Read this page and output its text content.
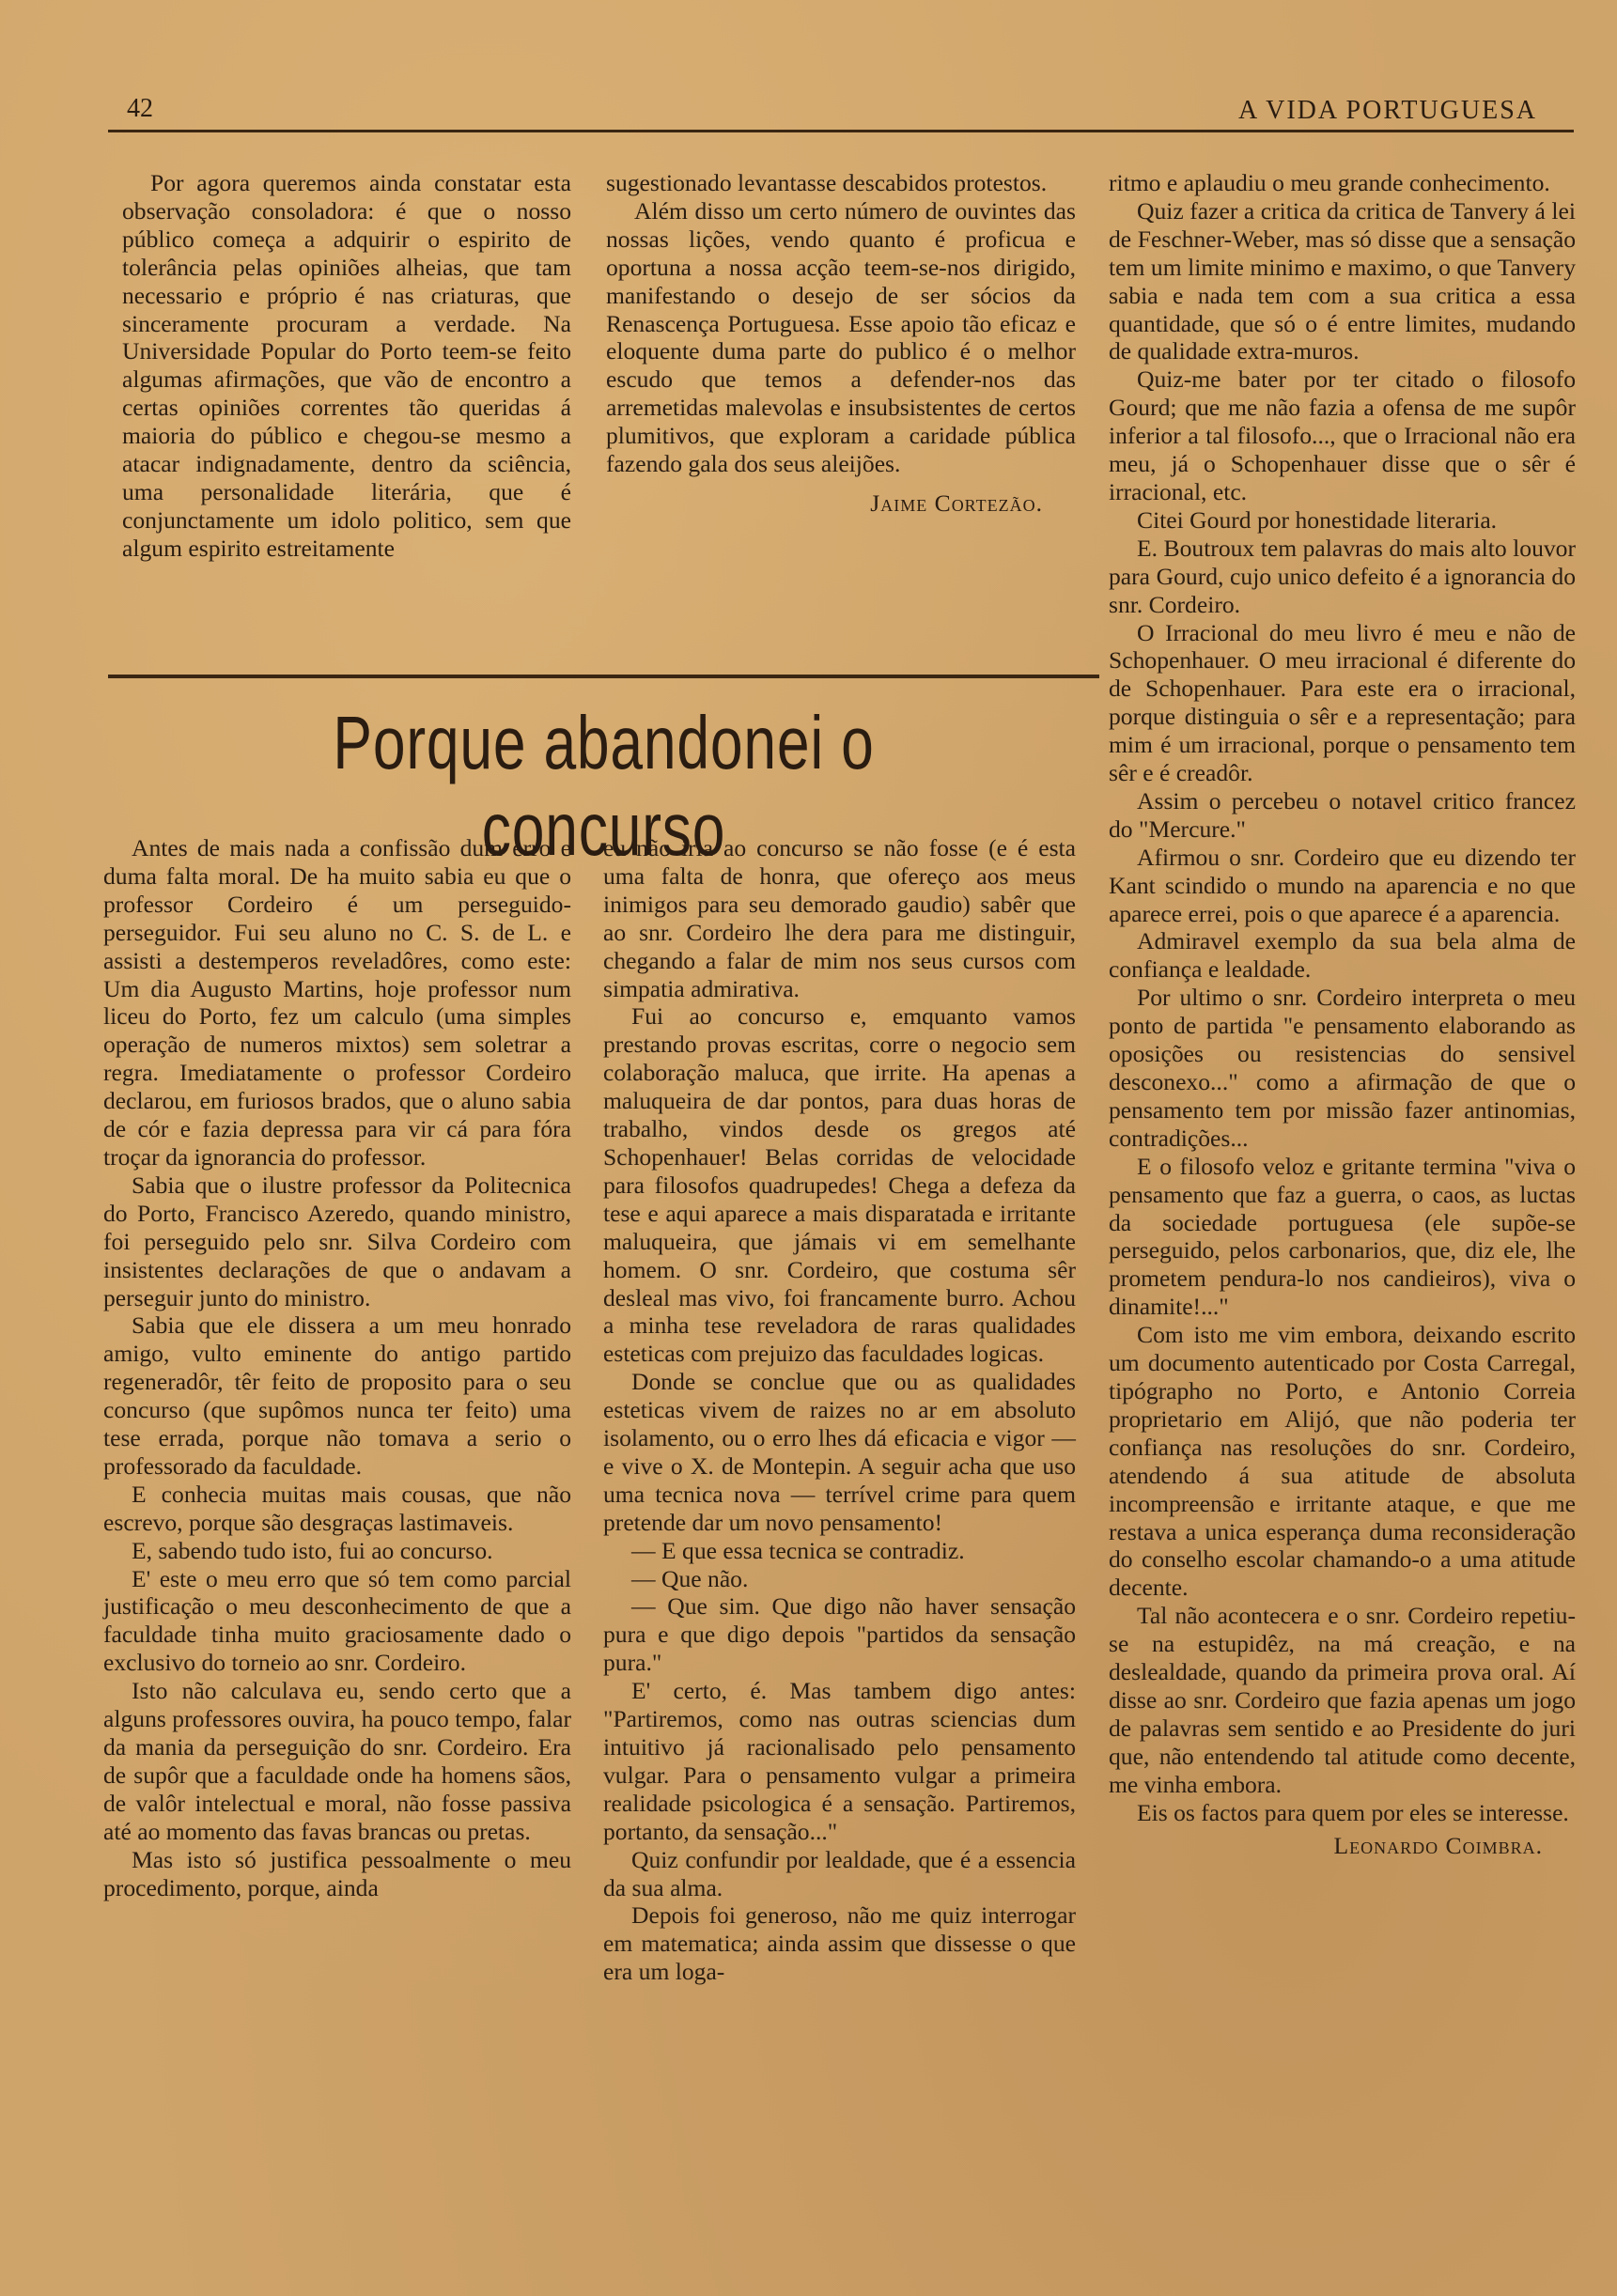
42	A VIDA PORTUGUESA

Por agora queremos ainda constatar esta observação consoladora: é que o nosso público começa a adquirir o espirito de tolerância pelas opiniões alheias, que tam necessario e próprio é nas criaturas, que sinceramente procuram a verdade. Na Universidade Popular do Porto teem-se feito algumas afirmações, que vão de encontro a certas opiniões correntes tão queridas á maioria do público e chegou-se mesmo a atacar indignadamente, dentro da sciência, uma personalidade literária, que é conjunctamente um idolo politico, sem que algum espirito estreitamente

sugestionado levantasse descabidos protestos.

Além disso um certo número de ouvintes das nossas lições, vendo quanto é proficua e oportuna a nossa acção teem-se-nos dirigido, manifestando o desejo de ser sócios da Renascença Portuguesa. Esse apoio tão eficaz e eloquente duma parte do publico é o melhor escudo que temos a defender-nos das arremetidas malevolas e insubsistentes de certos plumitivos, que exploram a caridade pública fazendo gala dos seus aleijões.

Jaime Cortezão.
Porque abandonei o concurso

Antes de mais nada a confissão dum erro e duma falta moral. De ha muito sabia eu que o professor Cordeiro é um perseguido-perseguidor. Fui seu aluno no C. S. de L. e assisti a destemperos reveladôres, como este: Um dia Augusto Martins, hoje professor num liceu do Porto, fez um calculo (uma simples operação de numeros mixtos) sem soletrar a regra. Imediatamente o professor Cordeiro declarou, em furiosos brados, que o aluno sabia de cór e fazia depressa para vir cá para fóra troçar da ignorancia do professor.

Sabia que o ilustre professor da Politecnica do Porto, Francisco Azeredo, quando ministro, foi perseguido pelo snr. Silva Cordeiro com insistentes declarações de que o andavam a perseguir junto do ministro.

Sabia que ele dissera a um meu honrado amigo, vulto eminente do antigo partido regeneradôr, têr feito de proposito para o seu concurso (que supômos nunca ter feito) uma tese errada, porque não tomava a serio o professorado da faculdade.

E conhecia muitas mais cousas, que não escrevo, porque são desgraças lastimaveis.

E, sabendo tudo isto, fui ao concurso.

E' este o meu erro que só tem como parcial justificação o meu desconhecimento de que a faculdade tinha muito graciosamente dado o exclusivo do torneio ao snr. Cordeiro.

Isto não calculava eu, sendo certo que a alguns professores ouvira, ha pouco tempo, falar da mania da perseguição do snr. Cordeiro. Era de supôr que a faculdade onde ha homens sãos, de valôr intelectual e moral, não fosse passiva até ao momento das favas brancas ou pretas.

Mas isto só justifica pessoalmente o meu procedimento, porque, ainda

eu não iria ao concurso se não fosse (e é esta uma falta de honra, que ofereço aos meus inimigos para seu demorado gaudio) sabêr que ao snr. Cordeiro lhe dera para me distinguir, chegando a falar de mim nos seus cursos com simpatia admirativa.

Fui ao concurso e, emquanto vamos prestando provas escritas, corre o negocio sem colaboração maluca, que irrite. Ha apenas a maluqueira de dar pontos, para duas horas de trabalho, vindos desde os gregos até Schopenhauer! Belas corridas de velocidade para filosofos quadrupedes! Chega a defeza da tese e aqui aparece a mais disparatada e irritante maluqueira, que jámais vi em semelhante homem. O snr. Cordeiro, que costuma sêr desleal mas vivo, foi francamente burro. Achou a minha tese reveladora de raras qualidades esteticas com prejuizo das faculdades logicas.

Donde se conclue que ou as qualidades esteticas vivem de raizes no ar em absoluto isolamento, ou o erro lhes dá eficacia e vigor — e vive o X. de Montepin. A seguir acha que uso uma tecnica nova — terrível crime para quem pretende dar um novo pensamento!

— E que essa tecnica se contradiz.

— Que não.

— Que sim. Que digo não haver sensação pura e que digo depois "partidos da sensação pura."

E' certo, é. Mas tambem digo antes: "Partiremos, como nas outras sciencias dum intuitivo já racionalisado pelo pensamento vulgar. Para o pensamento vulgar a primeira realidade psicologica é a sensação. Partiremos, portanto, da sensação..."

Quiz confundir por lealdade, que é a essencia da sua alma.

Depois foi generoso, não me quiz interrogar em matematica; ainda assim que dissesse o que era um loga-

ritmo e aplaudiu o meu grande conhecimento.

Quiz fazer a critica da critica de Tanvery á lei de Feschner-Weber, mas só disse que a sensação tem um limite minimo e maximo, o que Tanvery sabia e nada tem com a sua critica a essa quantidade, que só o é entre limites, mudando de qualidade extra-muros.

Quiz-me bater por ter citado o filosofo Gourd; que me não fazia a ofensa de me supôr inferior a tal filosofo..., que o Irracional não era meu, já o Schopenhauer disse que o sêr é irracional, etc.

Citei Gourd por honestidade literaria.

E. Boutroux tem palavras do mais alto louvor para Gourd, cujo unico defeito é a ignorancia do snr. Cordeiro.

O Irracional do meu livro é meu e não de Schopenhauer. O meu irracional é diferente do de Schopenhauer. Para este era o irracional, porque distinguia o sêr e a representação; para mim é um irracional, porque o pensamento tem sêr e é creadôr.

Assim o percebeu o notavel critico francez do "Mercure."

Afirmou o snr. Cordeiro que eu dizendo ter Kant scindido o mundo na aparencia e no que aparece errei, pois o que aparece é a aparencia.

Admiravel exemplo da sua bela alma de confiança e lealdade.

Por ultimo o snr. Cordeiro interpreta o meu ponto de partida "e pensamento elaborando as oposições ou resistencias do sensivel desconexo..." como a afirmação de que o pensamento tem por missão fazer antinomias, contradições...

E o filosofo veloz e gritante termina "viva o pensamento que faz a guerra, o caos, as luctas da sociedade portuguesa (ele supõe-se perseguido, pelos carbonarios, que, diz ele, lhe prometem pendura-lo nos candieiros), viva o dinamite!..."

Com isto me vim embora, deixando escrito um documento autenticado por Costa Carregal, tipógrapho no Porto, e Antonio Correia proprietario em Alijó, que não poderia ter confiança nas resoluções do snr. Cordeiro, atendendo á sua atitude de absoluta incompreensão e irritante ataque, e que me restava a unica esperança duma reconsideração do conselho escolar chamando-o a uma atitude decente.

Tal não acontecera e o snr. Cordeiro repetiu-se na estupidêz, na má creação, e na deslealdade, quando da primeira prova oral. Aí disse ao snr. Cordeiro que fazia apenas um jogo de palavras sem sentido e ao Presidente do juri que, não entendendo tal atitude como decente, me vinha embora.

Eis os factos para quem por eles se interesse.

Leonardo Coimbra.
